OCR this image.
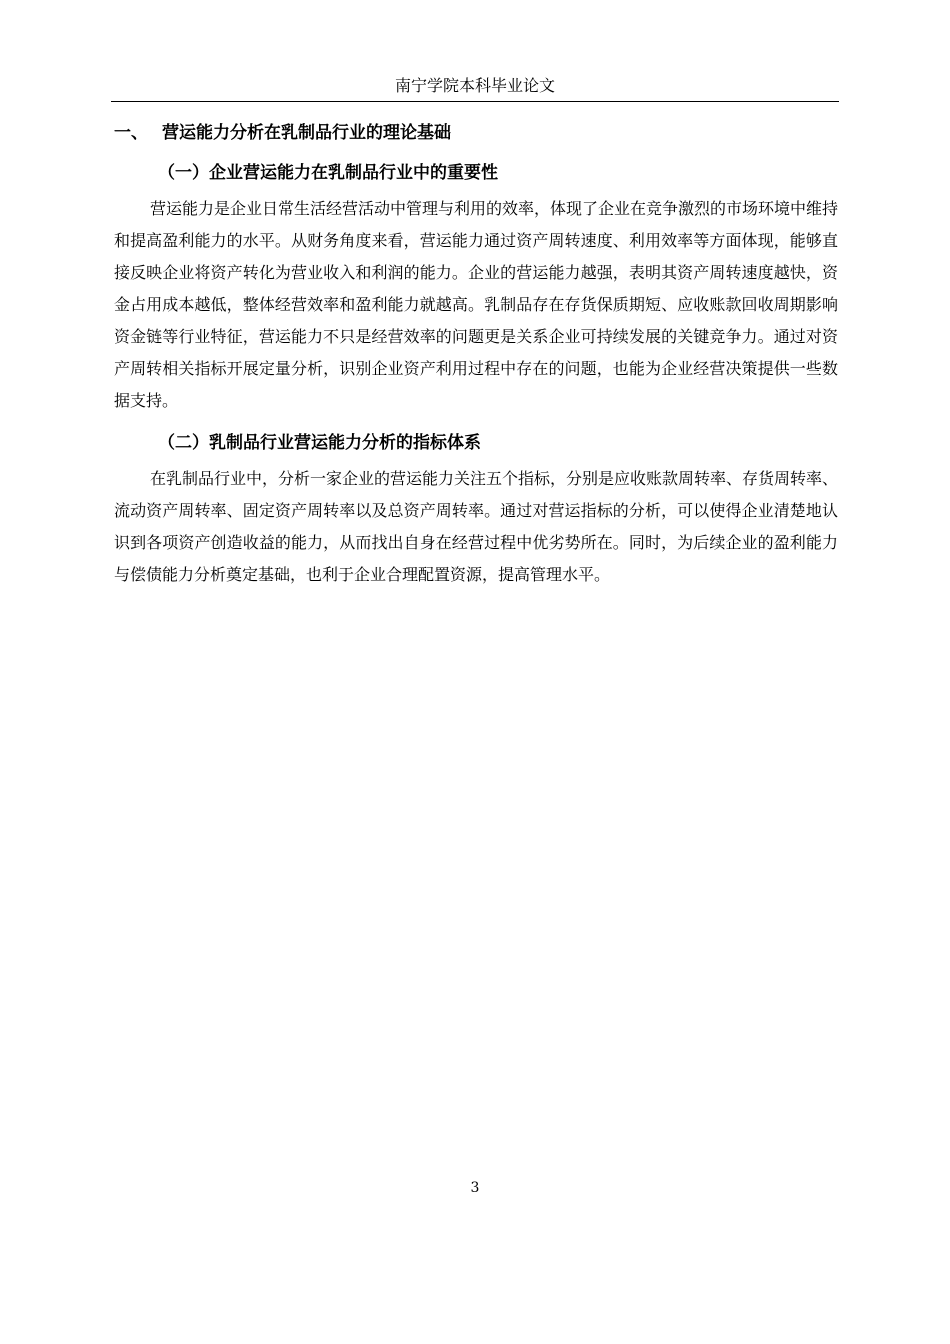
南宁学院本科毕业论文
一、 营运能力分析在乳制品行业的理论基础
（一）企业营运能力在乳制品行业中的重要性

营运能力是企业日常生活经营活动中管理与利用的效率，体现了企业在竞争激烈的市场环境中维持和提高盈利能力的水平。从财务角度来看，营运能力通过资产周转速度、利用效率等方面体现，能够直接反映企业将资产转化为营业收入和利润的能力。企业的营运能力越强，表明其资产周转速度越快，资金占用成本越低，整体经营效率和盈利能力就越高。乳制品存在存货保质期短、应收账款回收周期影响资金链等行业特征，营运能力不只是经营效率的问题更是关系企业可持续发展的关键竞争力。通过对资产周转相关指标开展定量分析，识别企业资产利用过程中存在的问题，也能为企业经营决策提供一些数据支持。

（二）乳制品行业营运能力分析的指标体系

在乳制品行业中，分析一家企业的营运能力关注五个指标，分别是应收账款周转率、存货周转率、流动资产周转率、固定资产周转率以及总资产周转率。通过对营运指标的分析，可以使得企业清楚地认识到各项资产创造收益的能力，从而找出自身在经营过程中优劣势所在。同时，为后续企业的盈利能力与偿债能力分析奠定基础，也利于企业合理配置资源，提高管理水平。

3
